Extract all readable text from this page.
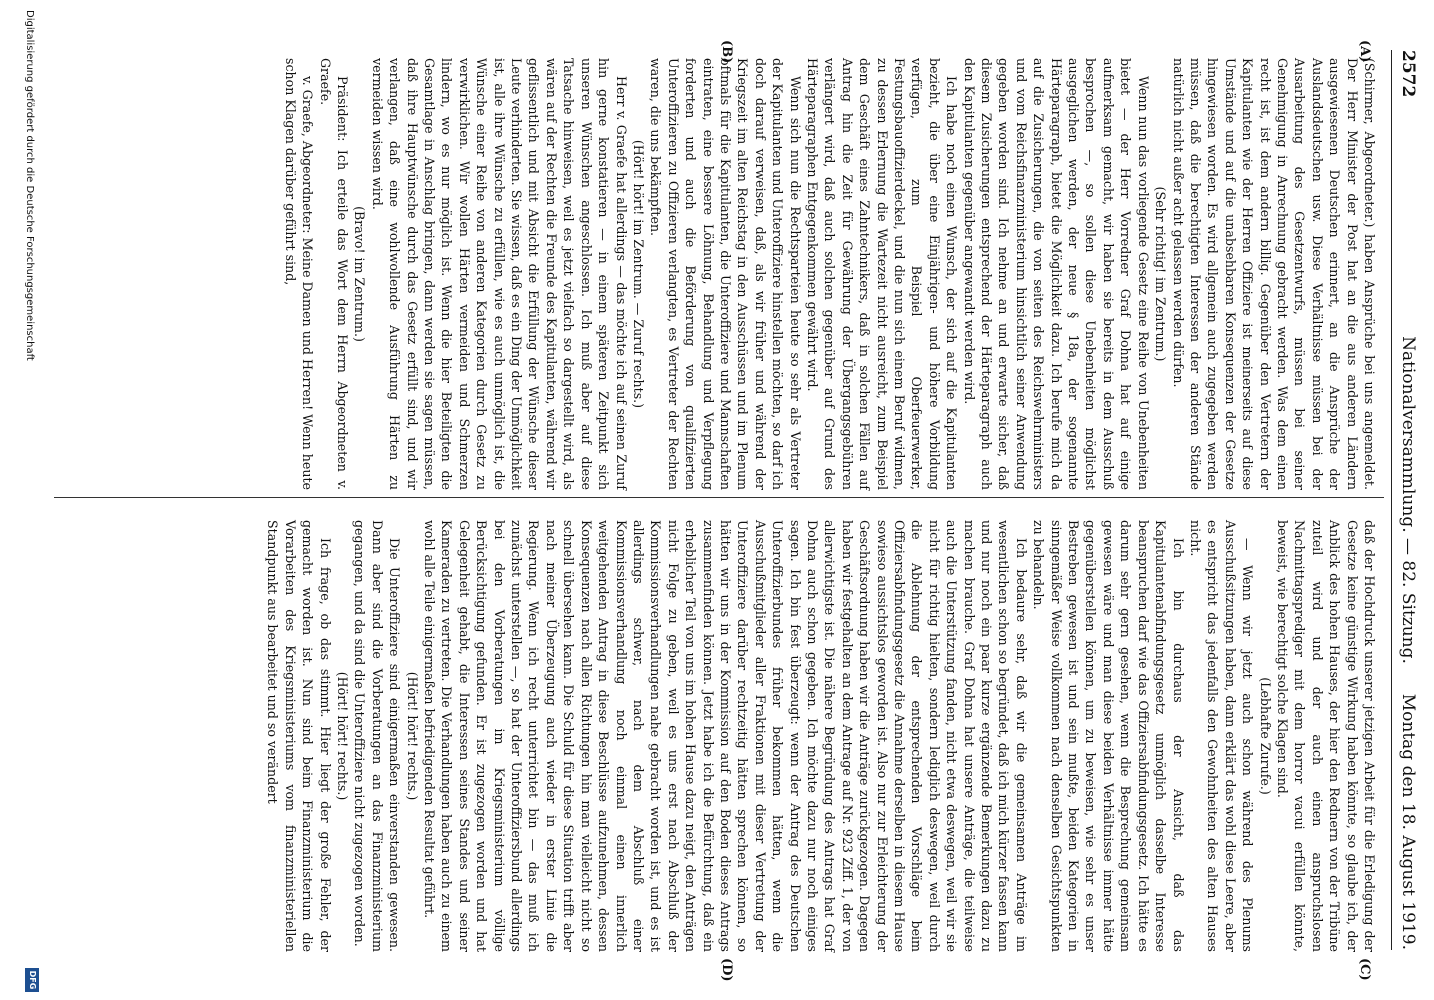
2572
Nationalversammlung. — 82. Sitzung.
Montag den 18. August 1919.
(A)
(B)
(C)
(D)

(Schirmer, Abgeordneter.) haben Ansprüche bei uns angemeldet. Der Herr Minister der Post hat an die aus anderen Ländern ausgewiesenen Deutschen erinnert, an die Ansprüche der Auslandsdeutschen usw. Diese Verhältnisse müssen bei der Ausarbeitung des Gesetzentwurfs, müssen bei seiner Genehmigung in Anrechnung gebracht werden. Was dem einen recht ist, ist dem andern billig. Gegenüber den Vertretern der Kapitulanten wie der Herren Offiziere ist meinerseits auf diese Umstände und auf die unabsehbaren Konsequenzen der Gesetze hingewiesen worden. Es wird allgemein auch zugegeben werden müssen, daß die berechtigten Interessen der anderen Stände natürlich nicht außer acht gelassen werden dürfen.

(Sehr richtig! im Zentrum.)

Wenn nun das vorliegende Gesetz eine Reihe von Unebenheiten bietet — der Herr Vorredner Graf Dohna hat auf einige aufmerksam gemacht, wir haben sie bereits in dem Ausschuß besprochen —, so sollen diese Unebenheiten möglichst ausgeglichen werden, der neue § 18a, der sogenannte Härteparagraph, bietet die Möglichkeit dazu. Ich berufe mich da auf die Zusicherungen, die von seiten des Reichswehrministers und vom Reichsfinanzministerium hinsichtlich seiner Anwendung gegeben worden sind. Ich nehme an und erwarte sicher, daß diesem Zusicherungen entsprechend der Härteparagraph auch den Kapitulanten gegenüber angewandt werden wird.

Ich habe noch einen Wunsch, der sich auf die Kapitulanten bezieht, die über eine Einjährigen- und höhere Vorbildung verfügen, zum Beispiel Oberfeuerwerker, Festungsbauoffizierdeckel, und die nun sich einem Beruf widmen, zu dessen Erlernung die Wartezeit nicht ausreicht, zum Beispiel dem Geschäft eines Zahntechnikers, daß in solchen Fällen auf Antrag hin die Zeit für Gewährung der Übergangsgebühren verlängert wird, daß auch solchen gegenüber auf Grund des Härteparagraphen Entgegenkommen gewährt wird.

Wenn sich nun die Rechtsparteien heute so sehr als Vertreter der Kapitulanten und Unteroffiziere hinstellen möchten, so darf ich doch darauf verweisen, daß, als wir früher und während der Kriegszeit im alten Reichstag in den Ausschüssen und im Plenum oftmals für die Kapitulanten, die Unteroffiziere und Mannschaften eintraten, eine bessere Löhnung, Behandlung und Verpflegung forderten und auch die Beförderung von qualifizierten Unteroffizieren zu Offizieren verlangten, es Vertreter der Rechten waren, die uns bekämpften.

(Hört! hört! im Zentrum. — Zuruf rechts.)

Herr v. Graefe hat allerdings — das möchte ich auf seinen Zuruf hin gerne konstatieren — in einem späteren Zeitpunkt sich unseren Wünschen angeschlossen. Ich muß aber auf diese Tatsache hinweisen, weil es jetzt vielfach so dargestellt wird, als wären auf der Rechten die Freunde des Kapitulanten, während wir geflissentlich und mit Absicht die Erfüllung der Wünsche dieser Leute verhinderten. Sie wissen, daß es ein Ding der Unmöglichkeit ist, alle ihre Wünsche zu erfüllen, wie es auch unmöglich ist, die Wünsche einer Reihe von anderen Kategorien durch Gesetz zu verwirklichen. Wir wollen Härten vermeiden und Schmerzen lindern, wo es nur möglich ist. Wenn die hier Beteiligten die Gesamtlage in Anschlag bringen, dann werden sie sagen müssen, daß ihre Hauptwünsche durch das Gesetz erfüllt sind, und wir verlangen, daß eine wohlwollende Ausführung Härten zu vermeiden wissen wird.

(Bravo! im Zentrum.)

Präsident: Ich erteile das Wort dem Herrn Abgeordneten v. Graefe.

v. Graefe, Abgeordneter: Meine Damen und Herren! Wenn heute schon Klagen darüber geführt sind,

daß der Hochdruck unserer jetzigen Arbeit für die Erledigung der Gesetze keine günstige Wirkung haben könnte, so glaube ich, der Anblick des hohen Hauses, der hier den Rednern von der Tribüne zuteil wird und der auch einen anspruchslosen Nachmittagsprediger mit dem horror vacui erfüllen könnte, beweist, wie berechtigt solche Klagen sind.

(Lebhafte Zurufe.)

— Wenn wir jetzt auch schon während des Plenums Ausschußsitzungen haben, dann erklärt das wohl diese Leere, aber es entspricht das jedenfalls den Gewohnheiten des alten Hauses nicht.

Ich bin durchaus der Ansicht, daß das Kapitulantenabfindungsgesetz unmöglich dasselbe Interesse beanspruchen darf wie das Offiziersabfindungsgesetz. Ich hätte es darum sehr gern gesehen, wenn die Besprechung gemeinsam gewesen wäre und man diese beiden Verhältnisse immer hätte gegenüberstellen können, um zu beweisen, wie sehr es unser Bestreben gewesen ist und sein mußte, beiden Kategorien in sinngemäßer Weise vollkommen nach denselben Gesichtspunkten zu behandeln.

Ich bedaure sehr, daß wir die gemeinsamen Anträge im wesentlichen schon so begründet, daß ich mich kürzer fassen kann und nur noch ein paar kurze ergänzende Bemerkungen dazu zu machen brauche. Graf Dohna hat unsere Anträge, die teilweise auch die Unterstützung fanden, nicht etwa deswegen, weil wir sie nicht für richtig hielten, sondern lediglich deswegen, weil durch die Ablehnung der entsprechenden Vorschläge beim Offiziersabfindungsgesetz die Annahme derselben in diesem Hause sowieso aussichtslos geworden ist. Also nur zur Erleichterung der Geschäftsordnung haben wir die Anträge zurückgezogen. Dagegen haben wir festgehalten an dem Antrage auf Nr. 923 Ziff. 1, der von allerwichtigste ist. Die nähere Begründung des Antrags hat Graf Dohna auch schon gegeben. Ich möchte dazu nur noch einiges sagen. Ich bin fest überzeugt: wenn der Antrag des Deutschen Unteroffizierbundes früher bekommen hätten, wenn die Ausschußmitglieder aller Fraktionen mit dieser Vertretung der Unteroffiziere darüber rechtzeitig hätten sprechen können, so hätten wir uns in der Kommission auf den Boden dieses Antrags zusammenfinden können. Jetzt habe ich die Befürchtung, daß ein erheblicher Teil von uns im hohen Hause dazu neigt, den Anträgen nicht Folge zu geben, weil es uns erst nach Abschluß der Kommissionsverhandlungen nahe gebracht worden ist, und es ist allerdings schwer, nach dem Abschluß einer Kommissionsverhandlung noch einmal einen innerlich weitgehenden Antrag in diese Beschlüsse aufzunehmen, dessen Konsequenzen nach allen Richtungen hin man vielleicht nicht so schnell übersehen kann. Die Schuld für diese Situation trifft aber nach meiner Überzeugung auch wieder in erster Linie die Regierung. Wenn ich recht unterrichtet bin — das muß ich zunächst unterstellen —, so hat der Unteroffiziersbund allerdings bei den Vorberatungen im Kriegsministerium völlige Berücksichtigung gefunden. Er ist zugezogen worden und hat Gelegenheit gehabt, die Interessen seines Standes und seiner Kameraden zu vertreten. Die Verhandlungen haben auch zu einem wohl alle Teile einigermaßen befriedigenden Resultat geführt.

(Hört! hört! rechts.)

Die Unteroffiziere sind einigermaßen einverstanden gewesen. Dann aber sind die Vorberatungen an das Finanzministerium gegangen, und da sind die Unteroffiziere nicht zugezogen worden.

(Hört! hört! rechts.)

Ich frage, ob das stimmt. Hier liegt der große Fehler, der gemacht worden ist. Nun sind beim Finanzministerium die Vorarbeiten des Kriegsministeriums vom finanzministeriellen Standpunkt aus bearbeitet und so verändert

Digitalisierung gefördert durch die Deutsche Forschungsgemeinschaft
DFG
